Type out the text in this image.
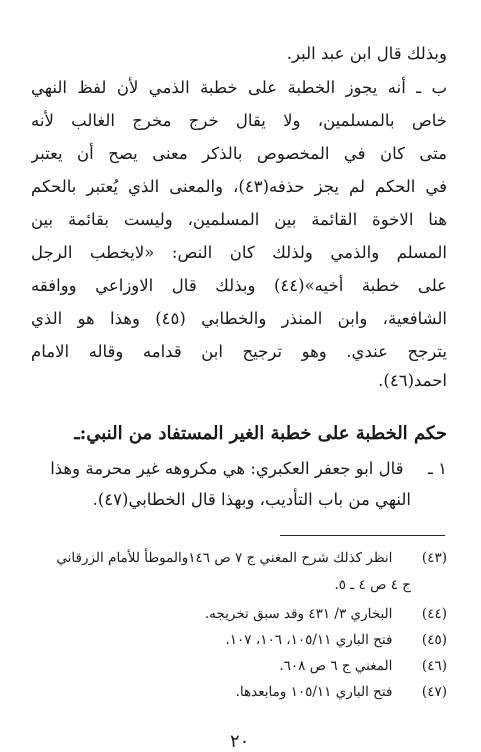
وبذلك قال ابن عبد البر.
ب ـ أنه يجوز الخطبة على خطبة الذمي لأن لفظ النهي
خاص بالمسلمين، ولا يقال خرج مخرج الغالب لأنه
متى كان في المخصوص بالذكر معنى يصح أن يعتبر
في الحكم لم يجز حذفه(٤٣)، والمعنى الذي يُعتبر بالحكم
هنا الاخوة القائمة بين المسلمين، وليست بقائمة بين
المسلم والذمي ولذلك كان النص: «لايخطب الرجل
على خطبة أخيه»(٤٤) وبذلك قال الاوزاعي ووافقه
الشافعية، وابن المنذر والخطابي (٤٥) وهذا هو الذي
يترجح عندي. وهو ترجيح ابن قدامه وقاله الامام
احمد(٤٦).
حكم الخطبة على خطبة الغير المستفاد من النبي:ـ
١ ـ  قال ابو جعفر العكبري: هي مكروهه غير محرمة وهذا
النهي من باب التأديب، وبهذا قال الخطابي(٤٧).
(٤٣)  انظر كذلك شرح المغني ج ٧ ص ١٤٦والموطأ للأمام الزرقاني
ج ٤ ص ٤ ـ ٥.
(٤٤)  البخاري ٣/ ٤٣١ وقد سبق تخريجه.
(٤٥)  فتح الباري ١٠٥/١١، ١٠٦، ١٠٧.
(٤٦)  المغني ج ٦ ص ٦٠٨.
(٤٧)  فتح الباري ١٠٥/١١ ومابعدها.
٢٠
